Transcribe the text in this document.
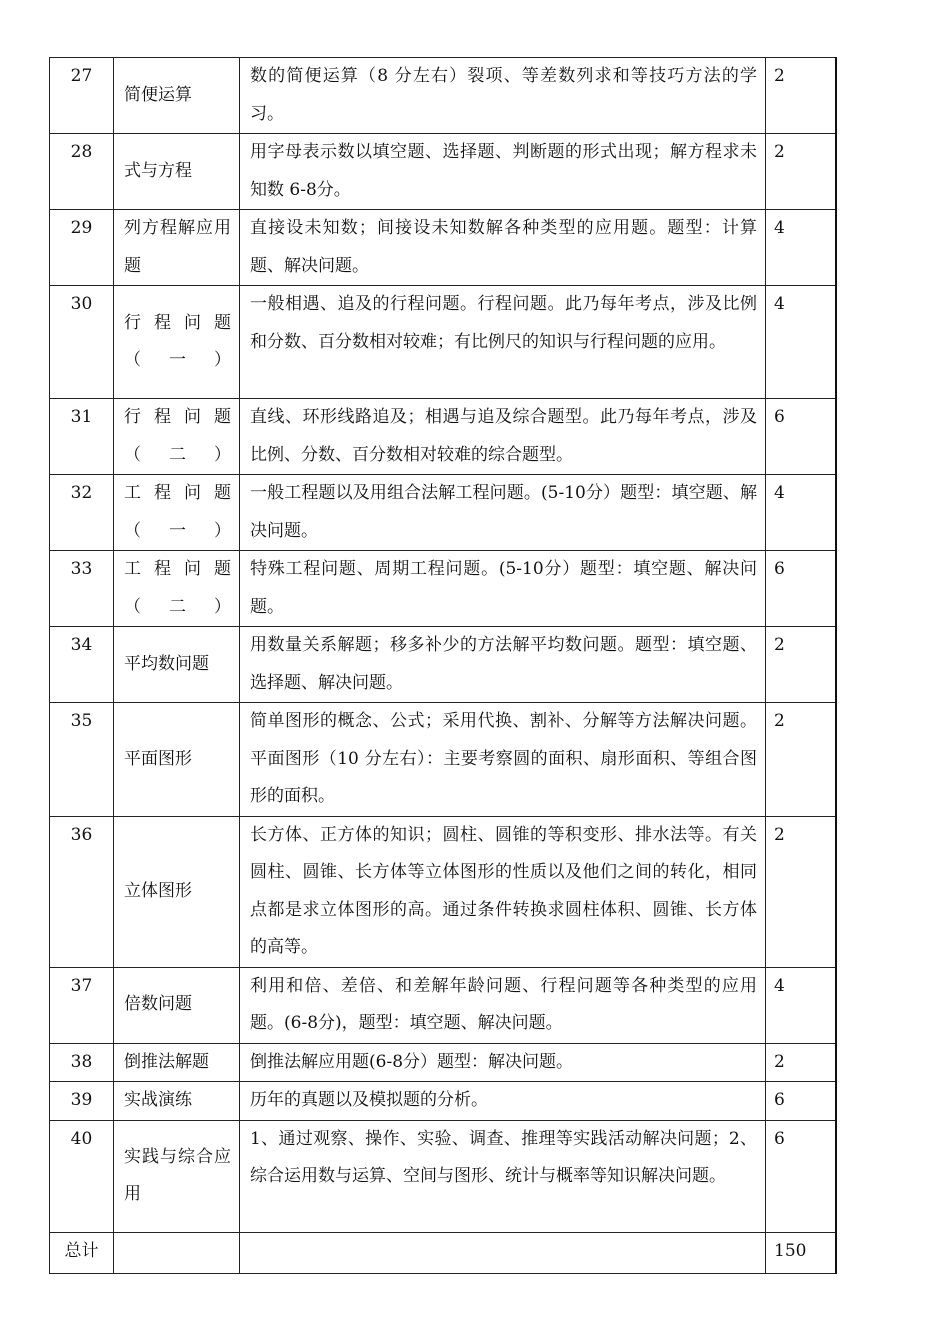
27	简便运算	数的简便运算（8 分左右）裂项、等差数列求和等技巧方法的学习。	2
28	式与方程	用字母表示数以填空题、选择题、判断题的形式出现；解方程求未知数 6-8分。	2
29	列方程解应用题	直接设未知数；间接设未知数解各种类型的应用题。题型：计算题、解决问题。	4
30	行 程 问 题（一）	一般相遇、追及的行程问题。行程问题。此乃每年考点，涉及比例和分数、百分数相对较难；有比例尺的知识与行程问题的应用。	4
31	行 程 问 题（二）	直线、环形线路追及；相遇与追及综合题型。此乃每年考点，涉及比例、分数、百分数相对较难的综合题型。	6
32	工 程 问 题（一）	一般工程题以及用组合法解工程问题。(5-10分）题型：填空题、解决问题。	4
33	工 程 问 题（二）	特殊工程问题、周期工程问题。(5-10分）题型：填空题、解决问题。	6
34	平均数问题	用数量关系解题；移多补少的方法解平均数问题。题型：填空题、选择题、解决问题。	2
35	平面图形	简单图形的概念、公式；采用代换、割补、分解等方法解决问题。平面图形（10 分左右）：主要考察圆的面积、扇形面积、等组合图形的面积。	2
36	立体图形	长方体、正方体的知识；圆柱、圆锥的等积变形、排水法等。有关圆柱、圆锥、长方体等立体图形的性质以及他们之间的转化，相同点都是求立体图形的高。通过条件转换求圆柱体积、圆锥、长方体的高等。	2
37	倍数问题	利用和倍、差倍、和差解年龄问题、行程问题等各种类型的应用题。(6-8分)，题型：填空题、解决问题。	4
38	倒推法解题	倒推法解应用题(6-8分）题型：解决问题。	2
39	实战演练	历年的真题以及模拟题的分析。	6
40	实践与综合应用	1、通过观察、操作、实验、调查、推理等实践活动解决问题；2、综合运用数与运算、空间与图形、统计与概率等知识解决问题。	6
总计			150
